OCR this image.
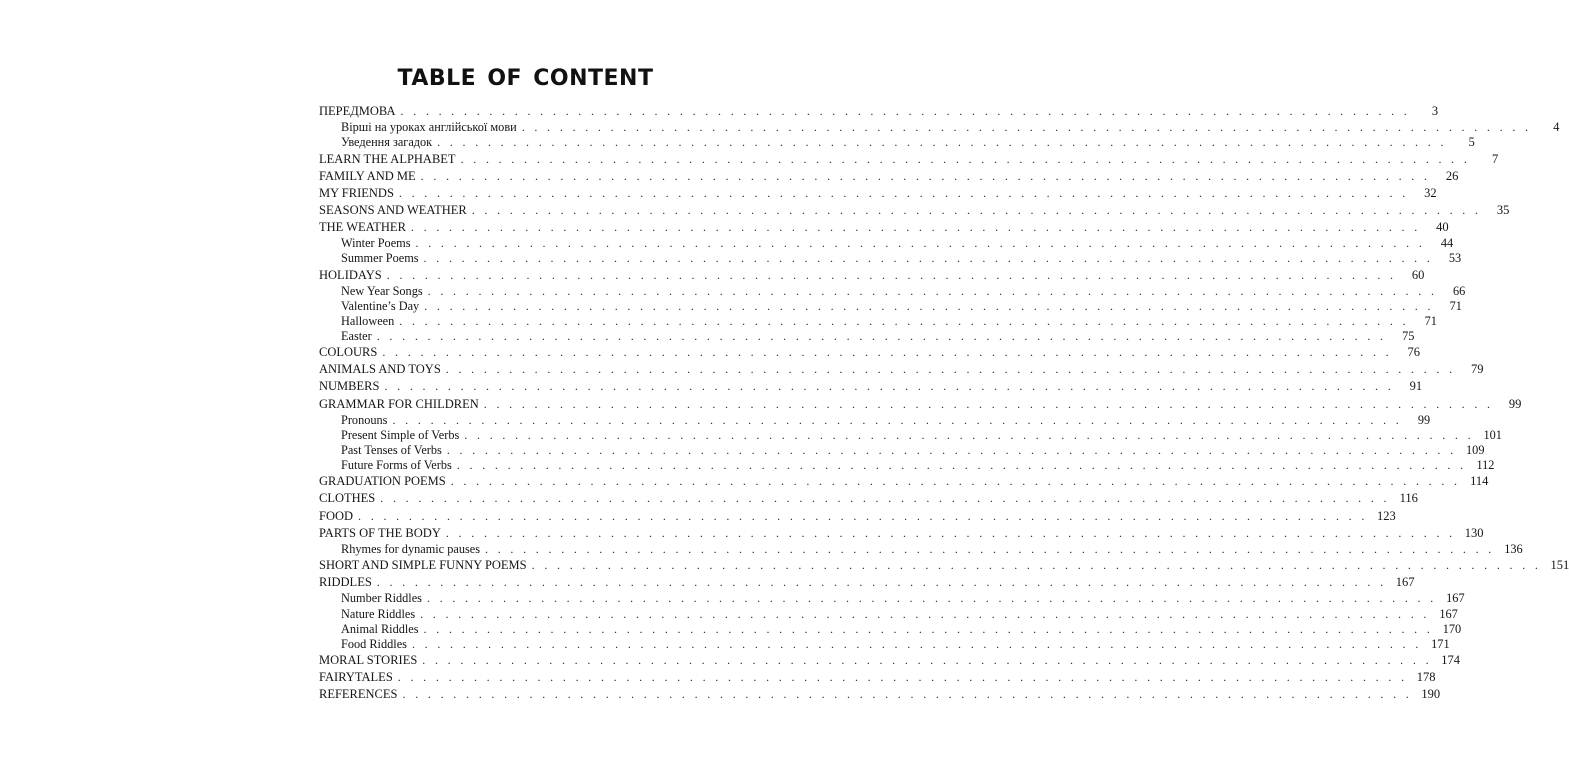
TABLE OF CONTENT
ПЕРЕДМОВА . . . . . . . . . . . . . . . . . . . . . . . . . . . . . . . . . . . . . . . . . . . . . . . . . . . . . . . . . . . . . . . . . . . . . . . . . . . . . . . .	3
Вірші на уроках англійської мови . . . . . . . . . . . . . . . . . . . . . . . . . . . . . . . . . . . . . . . . . . . . . . . . . . . . . . . . . . . . . . . . . . . . . . . . . . . . . . . .	4
Уведення загадок . . . . . . . . . . . . . . . . . . . . . . . . . . . . . . . . . . . . . . . . . . . . . . . . . . . . . . . . . . . . . . . . . . . . . . . . . . . . . . . .	5
LEARN THE ALPHABET . . . . . . . . . . . . . . . . . . . . . . . . . . . . . . . . . . . . . . . . . . . . . . . . . . . . . . . . . . . . . . . . . . . . . . . . . . . . . . . .	7
FAMILY AND ME . . . . . . . . . . . . . . . . . . . . . . . . . . . . . . . . . . . . . . . . . . . . . . . . . . . . . . . . . . . . . . . . . . . . . . . . . . . . . . . .	26
MY FRIENDS . . . . . . . . . . . . . . . . . . . . . . . . . . . . . . . . . . . . . . . . . . . . . . . . . . . . . . . . . . . . . . . . . . . . . . . . . . . . . . . .	32
SEASONS AND WEATHER . . . . . . . . . . . . . . . . . . . . . . . . . . . . . . . . . . . . . . . . . . . . . . . . . . . . . . . . . . . . . . . . . . . . . . . . . . . . . . . .	35
THE WEATHER . . . . . . . . . . . . . . . . . . . . . . . . . . . . . . . . . . . . . . . . . . . . . . . . . . . . . . . . . . . . . . . . . . . . . . . . . . . . . . . .	40
Winter Poems . . . . . . . . . . . . . . . . . . . . . . . . . . . . . . . . . . . . . . . . . . . . . . . . . . . . . . . . . . . . . . . . . . . . . . . . . . . . . . . .	44
Summer Poems . . . . . . . . . . . . . . . . . . . . . . . . . . . . . . . . . . . . . . . . . . . . . . . . . . . . . . . . . . . . . . . . . . . . . . . . . . . . . . . .	53
HOLIDAYS . . . . . . . . . . . . . . . . . . . . . . . . . . . . . . . . . . . . . . . . . . . . . . . . . . . . . . . . . . . . . . . . . . . . . . . . . . . . . . . .	60
New Year Songs . . . . . . . . . . . . . . . . . . . . . . . . . . . . . . . . . . . . . . . . . . . . . . . . . . . . . . . . . . . . . . . . . . . . . . . . . . . . . . . .	66
Valentine’s Day . . . . . . . . . . . . . . . . . . . . . . . . . . . . . . . . . . . . . . . . . . . . . . . . . . . . . . . . . . . . . . . . . . . . . . . . . . . . . . . .	71
Halloween . . . . . . . . . . . . . . . . . . . . . . . . . . . . . . . . . . . . . . . . . . . . . . . . . . . . . . . . . . . . . . . . . . . . . . . . . . . . . . . .	71
Easter . . . . . . . . . . . . . . . . . . . . . . . . . . . . . . . . . . . . . . . . . . . . . . . . . . . . . . . . . . . . . . . . . . . . . . . . . . . . . . . .	75
COLOURS . . . . . . . . . . . . . . . . . . . . . . . . . . . . . . . . . . . . . . . . . . . . . . . . . . . . . . . . . . . . . . . . . . . . . . . . . . . . . . . .	76
ANIMALS AND TOYS . . . . . . . . . . . . . . . . . . . . . . . . . . . . . . . . . . . . . . . . . . . . . . . . . . . . . . . . . . . . . . . . . . . . . . . . . . . . . . . .	79
NUMBERS . . . . . . . . . . . . . . . . . . . . . . . . . . . . . . . . . . . . . . . . . . . . . . . . . . . . . . . . . . . . . . . . . . . . . . . . . . . . . . . .	91
GRAMMAR FOR CHILDREN . . . . . . . . . . . . . . . . . . . . . . . . . . . . . . . . . . . . . . . . . . . . . . . . . . . . . . . . . . . . . . . . . . . . . . . . . . . . . . . .	99
Pronouns . . . . . . . . . . . . . . . . . . . . . . . . . . . . . . . . . . . . . . . . . . . . . . . . . . . . . . . . . . . . . . . . . . . . . . . . . . . . . . . .	99
Present Simple of Verbs . . . . . . . . . . . . . . . . . . . . . . . . . . . . . . . . . . . . . . . . . . . . . . . . . . . . . . . . . . . . . . . . . . . . . . . . . . . . . . . . 101
Past Tenses of Verbs . . . . . . . . . . . . . . . . . . . . . . . . . . . . . . . . . . . . . . . . . . . . . . . . . . . . . . . . . . . . . . . . . . . . . . . . . . . . . . . . 109
Future Forms of Verbs . . . . . . . . . . . . . . . . . . . . . . . . . . . . . . . . . . . . . . . . . . . . . . . . . . . . . . . . . . . . . . . . . . . . . . . . . . . . . . . . 112
GRADUATION POEMS . . . . . . . . . . . . . . . . . . . . . . . . . . . . . . . . . . . . . . . . . . . . . . . . . . . . . . . . . . . . . . . . . . . . . . . . . . . . . . . . 114
CLOTHES . . . . . . . . . . . . . . . . . . . . . . . . . . . . . . . . . . . . . . . . . . . . . . . . . . . . . . . . . . . . . . . . . . . . . . . . . . . . . . . . 116
FOOD . . . . . . . . . . . . . . . . . . . . . . . . . . . . . . . . . . . . . . . . . . . . . . . . . . . . . . . . . . . . . . . . . . . . . . . . . . . . . . . . 123
PARTS OF THE BODY . . . . . . . . . . . . . . . . . . . . . . . . . . . . . . . . . . . . . . . . . . . . . . . . . . . . . . . . . . . . . . . . . . . . . . . . . . . . . . . . 130
Rhymes for dynamic pauses . . . . . . . . . . . . . . . . . . . . . . . . . . . . . . . . . . . . . . . . . . . . . . . . . . . . . . . . . . . . . . . . . . . . . . . . . . . . . . . . 136
SHORT AND SIMPLE FUNNY POEMS . . . . . . . . . . . . . . . . . . . . . . . . . . . . . . . . . . . . . . . . . . . . . . . . . . . . . . . . . . . . . . . . . . . . . . . . . . . . . . . . 151
RIDDLES . . . . . . . . . . . . . . . . . . . . . . . . . . . . . . . . . . . . . . . . . . . . . . . . . . . . . . . . . . . . . . . . . . . . . . . . . . . . . . . . 167
Number Riddles . . . . . . . . . . . . . . . . . . . . . . . . . . . . . . . . . . . . . . . . . . . . . . . . . . . . . . . . . . . . . . . . . . . . . . . . . . . . . . . . 167
Nature Riddles . . . . . . . . . . . . . . . . . . . . . . . . . . . . . . . . . . . . . . . . . . . . . . . . . . . . . . . . . . . . . . . . . . . . . . . . . . . . . . . . 167
Animal Riddles . . . . . . . . . . . . . . . . . . . . . . . . . . . . . . . . . . . . . . . . . . . . . . . . . . . . . . . . . . . . . . . . . . . . . . . . . . . . . . . . 170
Food Riddles . . . . . . . . . . . . . . . . . . . . . . . . . . . . . . . . . . . . . . . . . . . . . . . . . . . . . . . . . . . . . . . . . . . . . . . . . . . . . . . . 171
MORAL STORIES . . . . . . . . . . . . . . . . . . . . . . . . . . . . . . . . . . . . . . . . . . . . . . . . . . . . . . . . . . . . . . . . . . . . . . . . . . . . . . . . 174
FAIRYTALES . . . . . . . . . . . . . . . . . . . . . . . . . . . . . . . . . . . . . . . . . . . . . . . . . . . . . . . . . . . . . . . . . . . . . . . . . . . . . . . . 178
REFERENCES . . . . . . . . . . . . . . . . . . . . . . . . . . . . . . . . . . . . . . . . . . . . . . . . . . . . . . . . . . . . . . . . . . . . . . . . . . . . . . . . 190
